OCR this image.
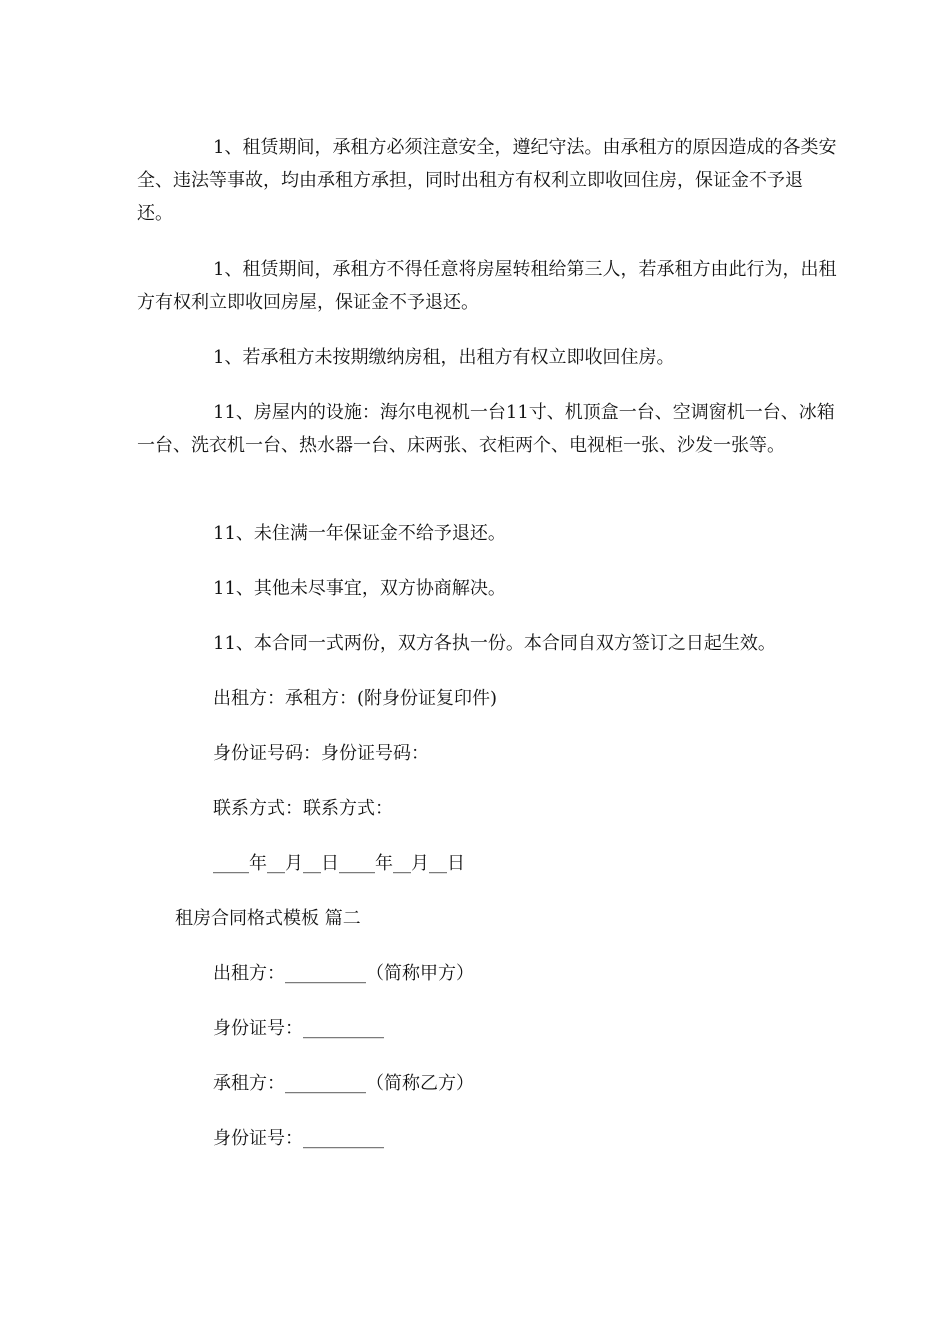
1、租赁期间，承租方必须注意安全，遵纪守法。由承租方的原因造成的各类安全、违法等事故，均由承租方承担，同时出租方有权利立即收回住房，保证金不予退还。

1、租赁期间，承租方不得任意将房屋转租给第三人，若承租方由此行为，出租方有权利立即收回房屋，保证金不予退还。

1、若承租方未按期缴纳房租，出租方有权立即收回住房。

11、房屋内的设施：海尔电视机一台11寸、机顶盒一台、空调窗机一台、冰箱一台、洗衣机一台、热水器一台、床两张、衣柜两个、电视柜一张、沙发一张等。

11、未住满一年保证金不给予退还。

11、其他未尽事宜，双方协商解决。

11、本合同一式两份，双方各执一份。本合同自双方签订之日起生效。

出租方：承租方：(附身份证复印件)

身份证号码：身份证号码：

联系方式：联系方式：

____年__月__日____年__月__日

租房合同格式模板 篇二

出租方：_________（简称甲方）

身份证号：_________

承租方：_________（简称乙方）

身份证号：_________
